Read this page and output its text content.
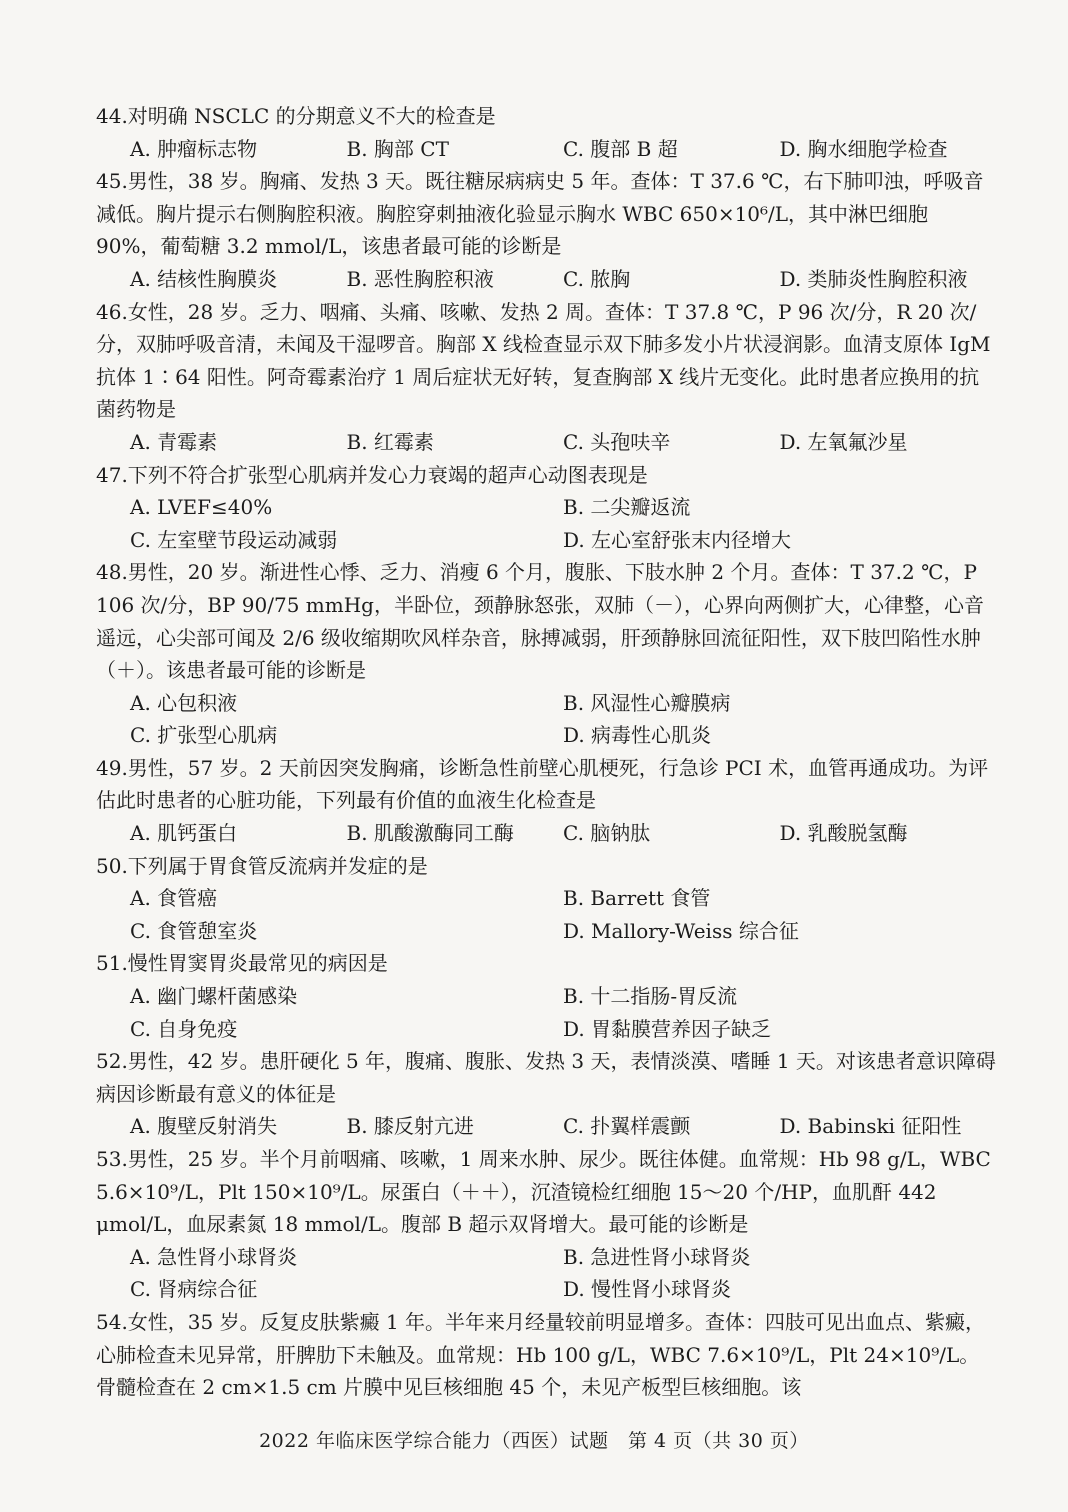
44.对明确 NSCLC 的分期意义不大的检查是

A. 肿瘤标志物	B. 胸部 CT	C. 腹部 B 超	D. 胸水细胞学检查

45.男性，38 岁。胸痛、发热 3 天。既往糖尿病病史 5 年。查体：T 37.6 ℃，右下肺叩浊，呼吸音减低。胸片提示右侧胸腔积液。胸腔穿刺抽液化验显示胸水 WBC 650×10⁶/L，其中淋巴细胞 90%，葡萄糖 3.2 mmol/L，该患者最可能的诊断是

A. 结核性胸膜炎	B. 恶性胸腔积液	C. 脓胸	D. 类肺炎性胸腔积液

46.女性，28 岁。乏力、咽痛、头痛、咳嗽、发热 2 周。查体：T 37.8 ℃，P 96 次/分，R 20 次/分，双肺呼吸音清，未闻及干湿啰音。胸部 X 线检查显示双下肺多发小片状浸润影。血清支原体 IgM 抗体 1∶64 阳性。阿奇霉素治疗 1 周后症状无好转，复查胸部 X 线片无变化。此时患者应换用的抗菌药物是

A. 青霉素	B. 红霉素	C. 头孢呋辛	D. 左氧氟沙星

47.下列不符合扩张型心肌病并发心力衰竭的超声心动图表现是

A. LVEF≤40%	B. 二尖瓣返流
C. 左室壁节段运动减弱	D. 左心室舒张末内径增大

48.男性，20 岁。渐进性心悸、乏力、消瘦 6 个月，腹胀、下肢水肿 2 个月。查体：T 37.2 ℃，P 106 次/分，BP 90/75 mmHg，半卧位，颈静脉怒张，双肺（－），心界向两侧扩大，心律整，心音遥远，心尖部可闻及 2/6 级收缩期吹风样杂音，脉搏减弱，肝颈静脉回流征阳性，双下肢凹陷性水肿（＋）。该患者最可能的诊断是

A. 心包积液	B. 风湿性心瓣膜病
C. 扩张型心肌病	D. 病毒性心肌炎

49.男性，57 岁。2 天前因突发胸痛，诊断急性前壁心肌梗死，行急诊 PCI 术，血管再通成功。为评估此时患者的心脏功能，下列最有价值的血液生化检查是

A. 肌钙蛋白	B. 肌酸激酶同工酶	C. 脑钠肽	D. 乳酸脱氢酶

50.下列属于胃食管反流病并发症的是

A. 食管癌	B. Barrett 食管
C. 食管憩室炎	D. Mallory-Weiss 综合征

51.慢性胃窦胃炎最常见的病因是

A. 幽门螺杆菌感染	B. 十二指肠-胃反流
C. 自身免疫	D. 胃黏膜营养因子缺乏

52.男性，42 岁。患肝硬化 5 年，腹痛、腹胀、发热 3 天，表情淡漠、嗜睡 1 天。对该患者意识障碍病因诊断最有意义的体征是

A. 腹壁反射消失	B. 膝反射亢进	C. 扑翼样震颤	D. Babinski 征阳性

53.男性，25 岁。半个月前咽痛、咳嗽，1 周来水肿、尿少。既往体健。血常规：Hb 98 g/L，WBC 5.6×10⁹/L，Plt 150×10⁹/L。尿蛋白（＋＋），沉渣镜检红细胞 15～20 个/HP，血肌酐 442 μmol/L，血尿素氮 18 mmol/L。腹部 B 超示双肾增大。最可能的诊断是

A. 急性肾小球肾炎	B. 急进性肾小球肾炎
C. 肾病综合征	D. 慢性肾小球肾炎

54.女性，35 岁。反复皮肤紫癜 1 年。半年来月经量较前明显增多。查体：四肢可见出血点、紫癜，心肺检查未见异常，肝脾肋下未触及。血常规：Hb 100 g/L，WBC 7.6×10⁹/L，Plt 24×10⁹/L。骨髓检查在 2 cm×1.5 cm 片膜中见巨核细胞 45 个，未见产板型巨核细胞。该

2022 年临床医学综合能力（西医）试题　第 4 页（共 30 页）
